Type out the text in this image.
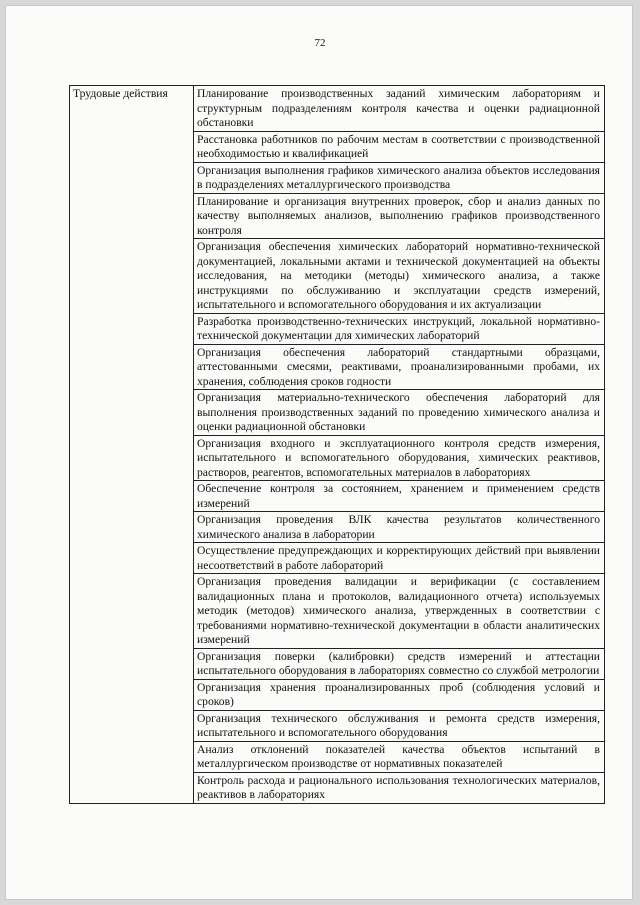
72
Трудовые действия	Планирование производственных заданий химическим лабораториям и структурным подразделениям контроля качества и оценки радиационной обстановки
Расстановка работников по рабочим местам в соответствии с производственной необходимостью и квалификацией
Организация выполнения графиков химического анализа объектов исследования в подразделениях металлургического производства
Планирование и организация внутренних проверок, сбор и анализ данных по качеству выполняемых анализов, выполнению графиков производственного контроля
Организация обеспечения химических лабораторий нормативно-технической документацией, локальными актами и технической документацией на объекты исследования, на методики (методы) химического анализа, а также инструкциями по обслуживанию и эксплуатации средств измерений, испытательного и вспомогательного оборудования и их актуализации
Разработка производственно-технических инструкций, локальной нормативно-технической документации для химических лабораторий
Организация обеспечения лабораторий стандартными образцами, аттестованными смесями, реактивами, проанализированными пробами, их хранения, соблюдения сроков годности
Организация материально-технического обеспечения лабораторий для выполнения производственных заданий по проведению химического анализа и оценки радиационной обстановки
Организация входного и эксплуатационного контроля средств измерения, испытательного и вспомогательного оборудования, химических реактивов, растворов, реагентов, вспомогательных материалов в лабораториях
Обеспечение контроля за состоянием, хранением и применением средств измерений
Организация проведения ВЛК качества результатов количественного химического анализа в лаборатории
Осуществление предупреждающих и корректирующих действий при выявлении несоответствий в работе лабораторий
Организация проведения валидации и верификации (с составлением валидационных плана и протоколов, валидационного отчета) используемых методик (методов) химического анализа, утвержденных в соответствии с требованиями нормативно-технической документации в области аналитических измерений
Организация поверки (калибровки) средств измерений и аттестации испытательного оборудования в лабораториях совместно со службой метрологии
Организация хранения проанализированных проб (соблюдения условий и сроков)
Организация технического обслуживания и ремонта средств измерения, испытательного и вспомогательного оборудования
Анализ отклонений показателей качества объектов испытаний в металлургическом производстве от нормативных показателей
Контроль расхода и рационального использования технологических материалов, реактивов в лабораториях
